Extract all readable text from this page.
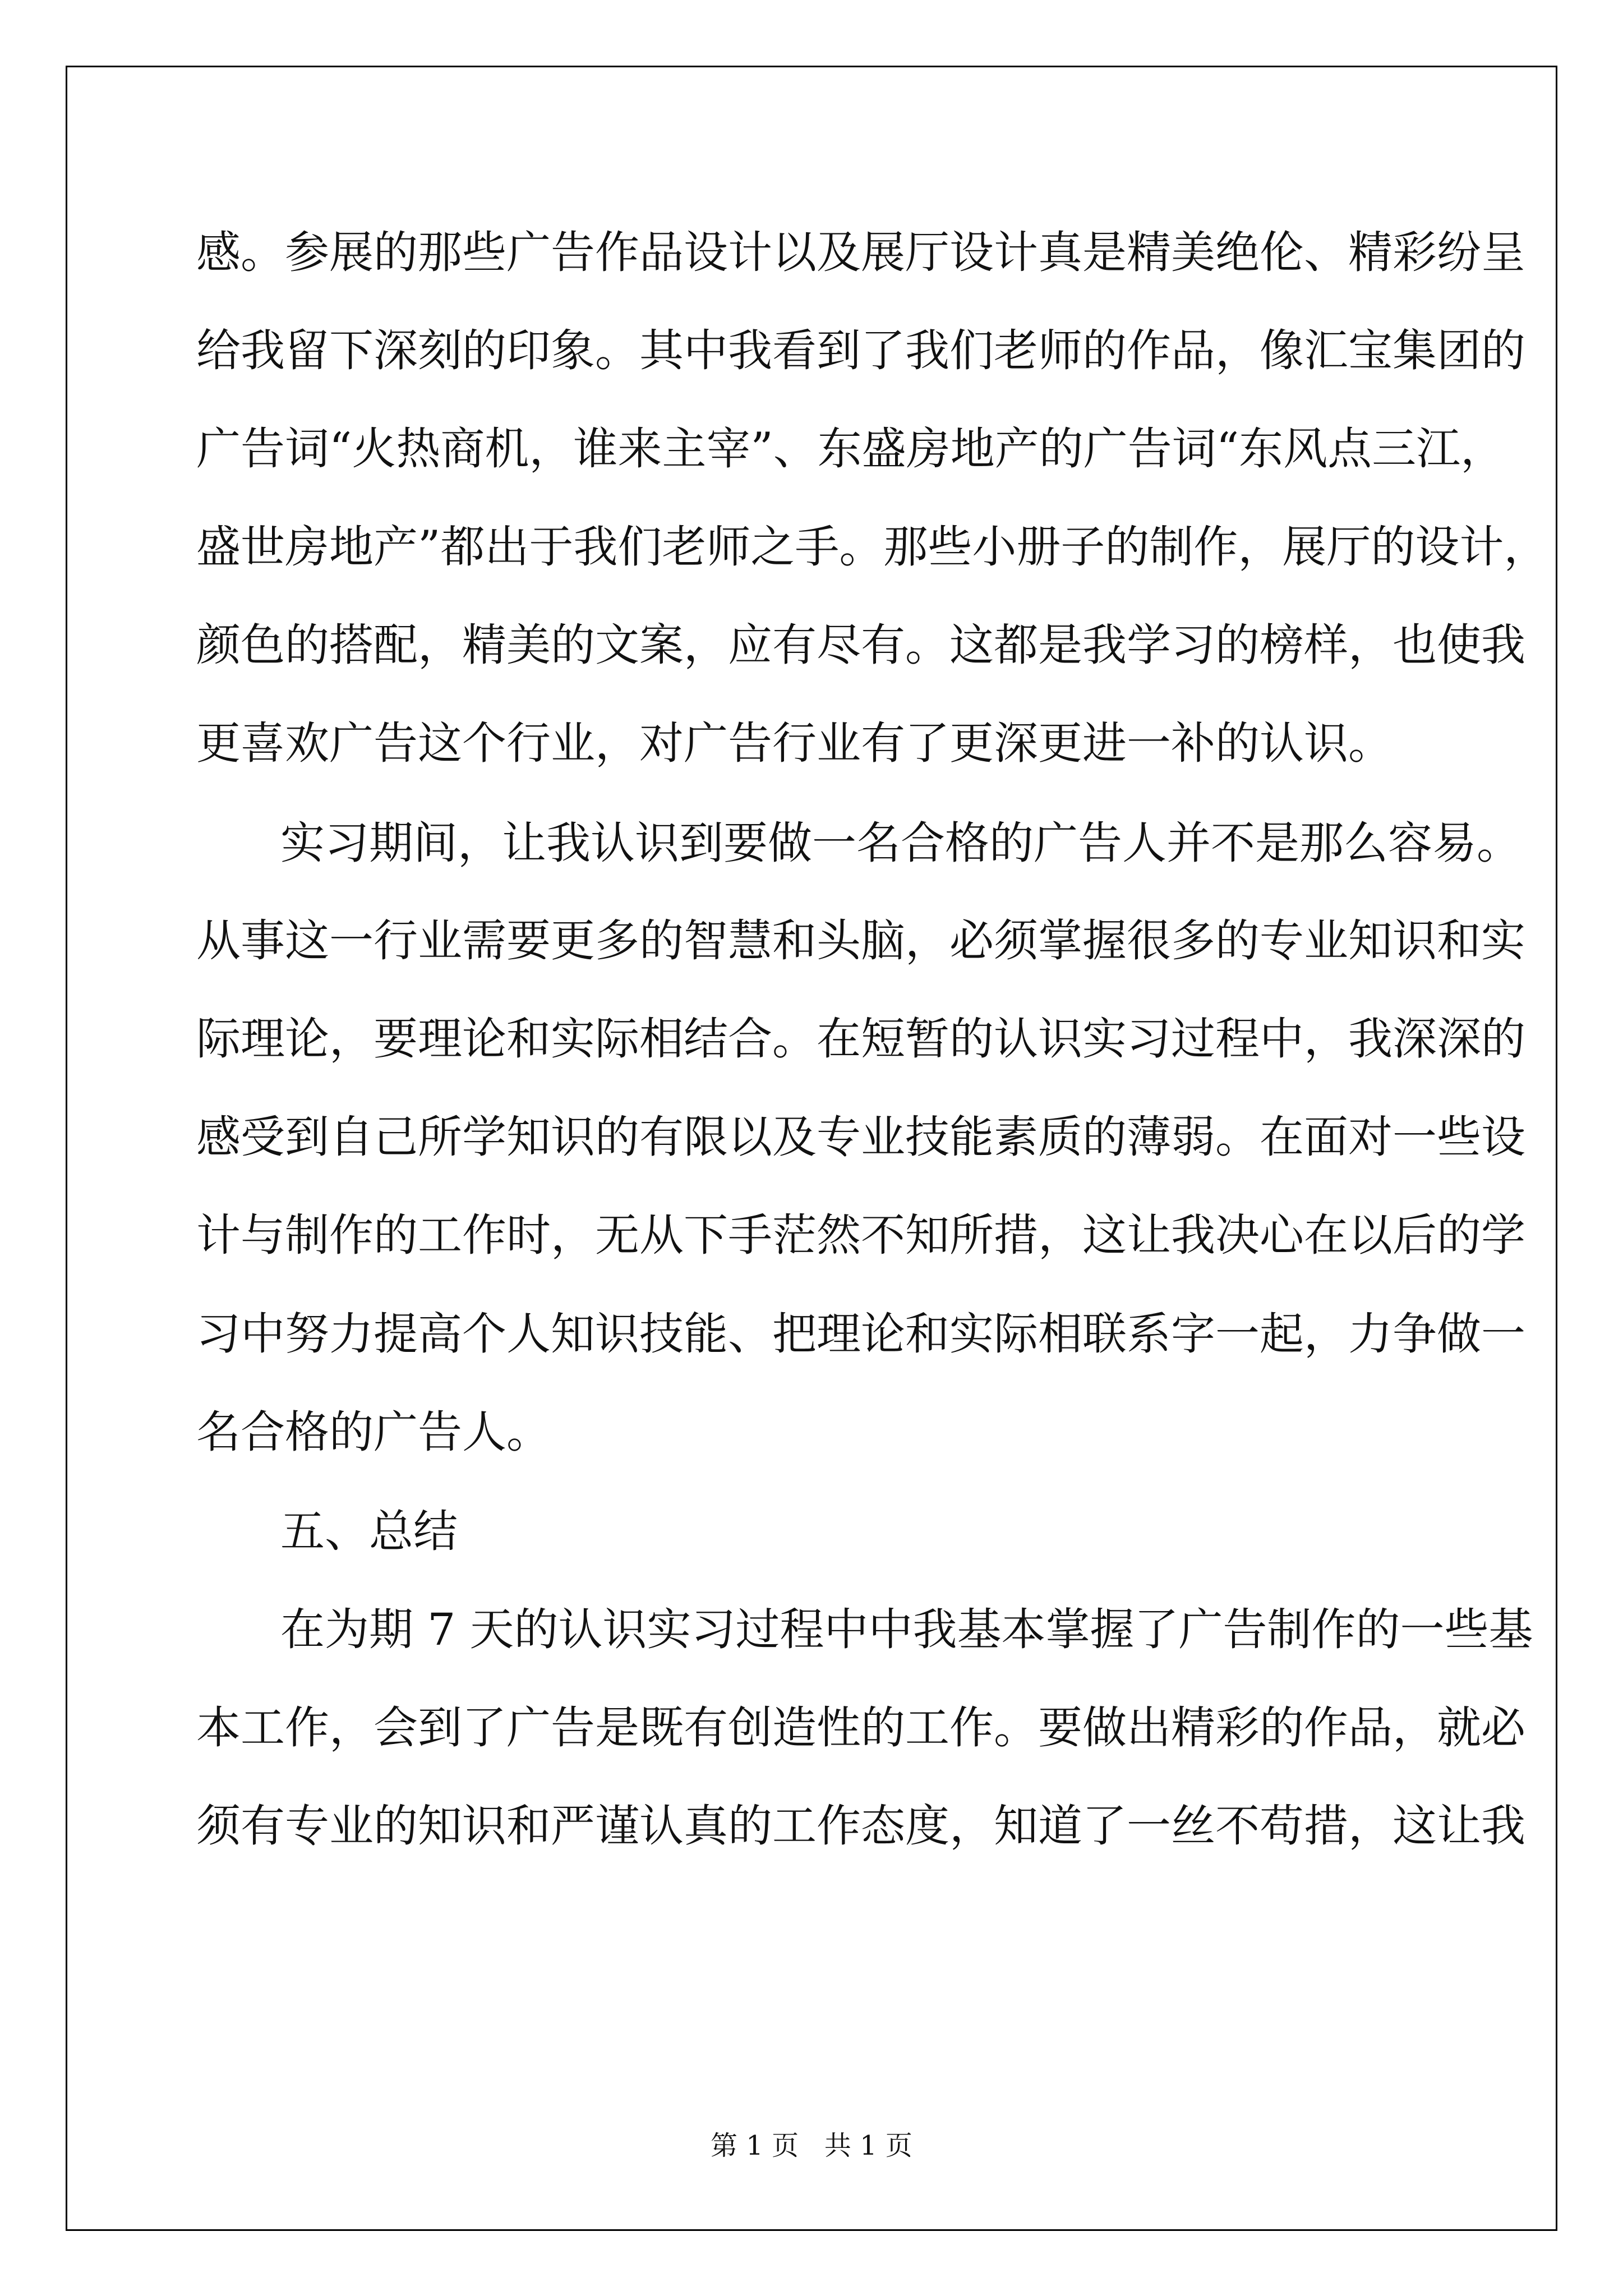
感。参展的那些广告作品设计以及展厅设计真是精美绝伦、精彩纷呈

给我留下深刻的印象。其中我看到了我们老师的作品，像汇宝集团的

广告词“火热商机，谁来主宰”、东盛房地产的广告词“东风点三江，

盛世房地产”都出于我们老师之手。那些小册子的制作，展厅的设计，

颜色的搭配，精美的文案，应有尽有。这都是我学习的榜样，也使我

更喜欢广告这个行业，对广告行业有了更深更进一补的认识。

实习期间，让我认识到要做一名合格的广告人并不是那么容易。

从事这一行业需要更多的智慧和头脑，必须掌握很多的专业知识和实

际理论，要理论和实际相结合。在短暂的认识实习过程中，我深深的

感受到自己所学知识的有限以及专业技能素质的薄弱。在面对一些设

计与制作的工作时，无从下手茫然不知所措，这让我决心在以后的学

习中努力提高个人知识技能、把理论和实际相联系字一起，力争做一

名合格的广告人。

五、总结

在为期 7 天的认识实习过程中中我基本掌握了广告制作的一些基

本工作，会到了广告是既有创造性的工作。要做出精彩的作品，就必

须有专业的知识和严谨认真的工作态度，知道了一丝不苟措，这让我

第 1 页   共 1 页
